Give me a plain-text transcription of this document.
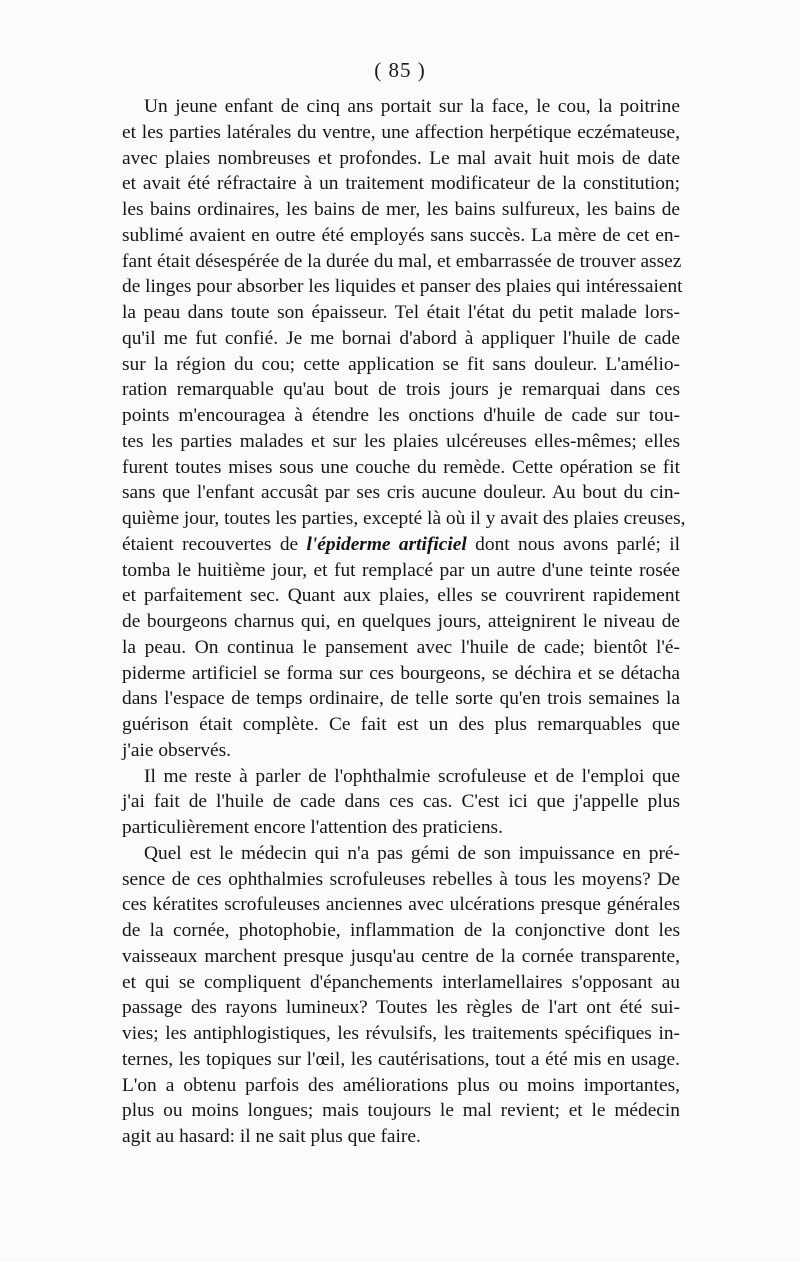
( 85 )
Un jeune enfant de cinq ans portait sur la face, le cou, la poitrine
et les parties latérales du ventre, une affection herpétique eczémateuse,
avec plaies nombreuses et profondes. Le mal avait huit mois de date
et avait été réfractaire à un traitement modificateur de la constitution;
les bains ordinaires, les bains de mer, les bains sulfureux, les bains de
sublimé avaient en outre été employés sans succès. La mère de cet en-
fant était désespérée de la durée du mal, et embarrassée de trouver assez
de linges pour absorber les liquides et panser des plaies qui intéressaient
la peau dans toute son épaisseur. Tel était l'état du petit malade lors-
qu'il me fut confié. Je me bornai d'abord à appliquer l'huile de cade
sur la région du cou; cette application se fit sans douleur. L'amélio-
ration remarquable qu'au bout de trois jours je remarquai dans ces
points m'encouragea à étendre les onctions d'huile de cade sur tou-
tes les parties malades et sur les plaies ulcéreuses elles-mêmes; elles
furent toutes mises sous une couche du remède. Cette opération se fit
sans que l'enfant accusât par ses cris aucune douleur. Au bout du cin-
quième jour, toutes les parties, excepté là où il y avait des plaies creuses,
étaient recouvertes de l'épiderme artificiel dont nous avons parlé; il
tomba le huitième jour, et fut remplacé par un autre d'une teinte rosée
et parfaitement sec. Quant aux plaies, elles se couvrirent rapidement
de bourgeons charnus qui, en quelques jours, atteignirent le niveau de
la peau. On continua le pansement avec l'huile de cade; bientôt l'é-
piderme artificiel se forma sur ces bourgeons, se déchira et se détacha
dans l'espace de temps ordinaire, de telle sorte qu'en trois semaines la
guérison était complète. Ce fait est un des plus remarquables que
j'aie observés.
Il me reste à parler de l'ophthalmie scrofuleuse et de l'emploi que
j'ai fait de l'huile de cade dans ces cas. C'est ici que j'appelle plus
particulièrement encore l'attention des praticiens.
Quel est le médecin qui n'a pas gémi de son impuissance en pré-
sence de ces ophthalmies scrofuleuses rebelles à tous les moyens? De
ces kératites scrofuleuses anciennes avec ulcérations presque générales
de la cornée, photophobie, inflammation de la conjonctive dont les
vaisseaux marchent presque jusqu'au centre de la cornée transparente,
et qui se compliquent d'épanchements interlamellaires s'opposant au
passage des rayons lumineux? Toutes les règles de l'art ont été sui-
vies; les antiphlogistiques, les révulsifs, les traitements spécifiques in-
ternes, les topiques sur l'œil, les cautérisations, tout a été mis en usage.
L'on a obtenu parfois des améliorations plus ou moins importantes,
plus ou moins longues; mais toujours le mal revient; et le médecin
agit au hasard: il ne sait plus que faire.
